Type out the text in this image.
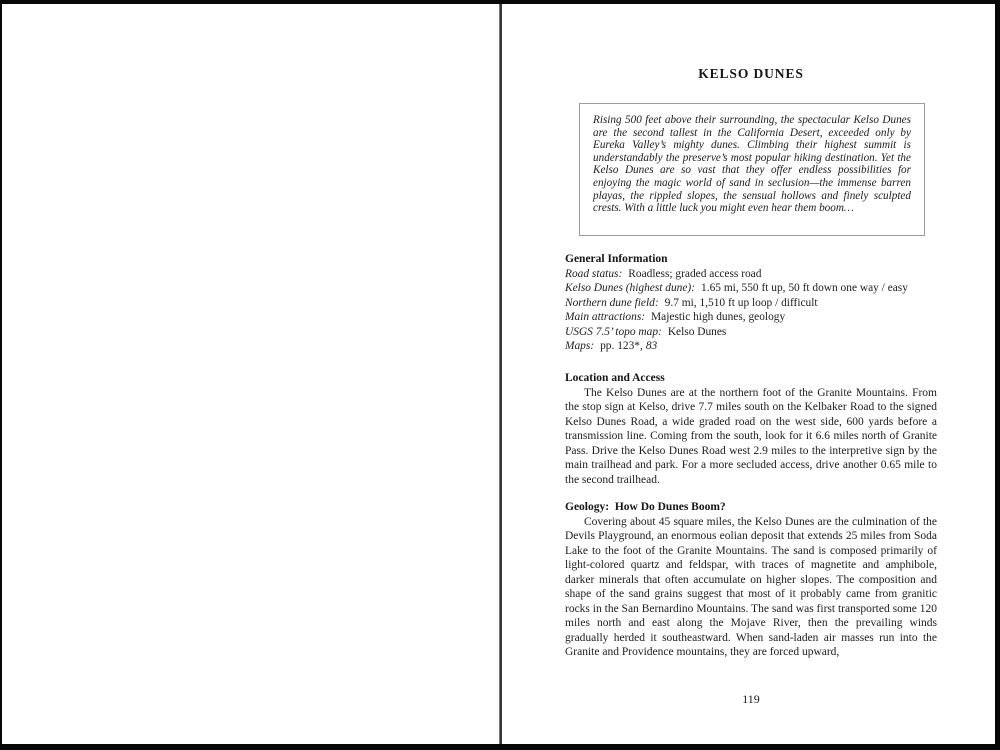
KELSO DUNES

Rising 500 feet above their surrounding, the spectacular Kelso Dunes are the second tallest in the California Desert, exceeded only by Eureka Valley’s mighty dunes. Climbing their highest summit is understandably the preserve’s most popular hiking destination. Yet the Kelso Dunes are so vast that they offer endless possibilities for enjoying the magic world of sand in seclusion—the immense barren playas, the rippled slopes, the sensual hollows and finely sculpted crests. With a little luck you might even hear them boom…

General Information
Road status: Roadless; graded access road
Kelso Dunes (highest dune): 1.65 mi, 550 ft up, 50 ft down one way / easy
Northern dune field: 9.7 mi, 1,510 ft up loop / difficult
Main attractions: Majestic high dunes, geology
USGS 7.5’ topo map: Kelso Dunes
Maps: pp. 123*, 83
Location and Access

The Kelso Dunes are at the northern foot of the Granite Mountains. From the stop sign at Kelso, drive 7.7 miles south on the Kelbaker Road to the signed Kelso Dunes Road, a wide graded road on the west side, 600 yards before a transmission line. Coming from the south, look for it 6.6 miles north of Granite Pass. Drive the Kelso Dunes Road west 2.9 miles to the interpretive sign by the main trailhead and park. For a more secluded access, drive another 0.65 mile to the second trailhead.

Geology:  How Do Dunes Boom?

Covering about 45 square miles, the Kelso Dunes are the culmination of the Devils Playground, an enormous eolian deposit that extends 25 miles from Soda Lake to the foot of the Granite Mountains. The sand is composed primarily of light-colored quartz and feldspar, with traces of magnetite and amphibole, darker minerals that often accumulate on higher slopes. The composition and shape of the sand grains suggest that most of it probably came from granitic rocks in the San Bernardino Mountains. The sand was first transported some 120 miles north and east along the Mojave River, then the prevailing winds gradually herded it southeastward. When sand-laden air masses run into the Granite and Providence mountains, they are forced upward,

119
